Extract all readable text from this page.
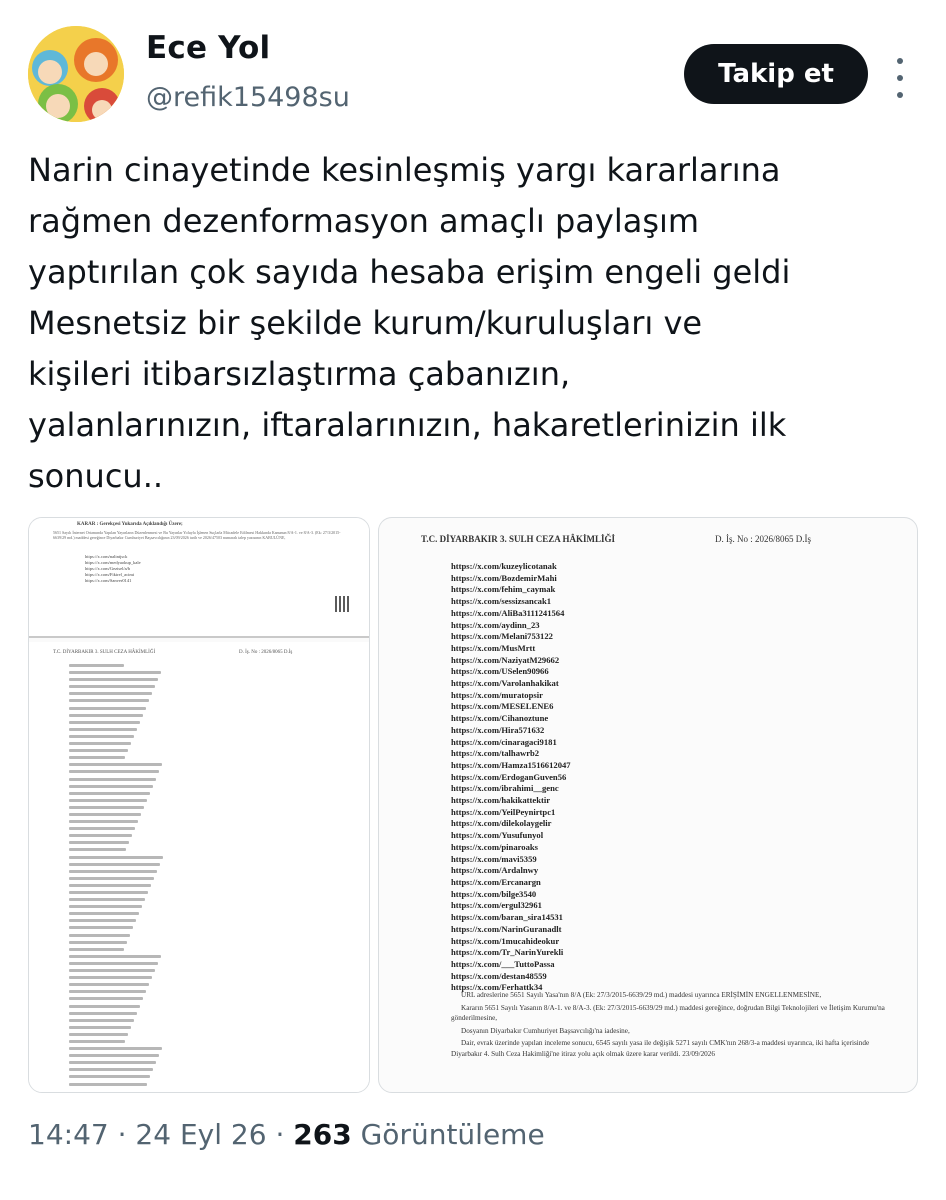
Ece Yol
@refik15498su
Takip et
Narin cinayetinde kesinleşmiş yargı kararlarına
rağmen dezenformasyon amaçlı paylaşım
yaptırılan çok sayıda hesaba erişim engeli geldi
Mesnetsiz bir şekilde kurum/kuruluşları ve
kişileri itibarsızlaştırma çabanızın,
yalanlarınızın, iftaralarınızın, hakaretlerinizin ilk
sonucu..
KARAR : Gerekçesi Yukarıda Açıklandığı Üzere;
5651 Sayılı İnternet Ortamında Yapılan Yayınların Düzenlenmesi ve Bu Yayınlar Yoluyla İşlenen Suçlarla Mücadele Edilmesi Hakkında Kanunun 8/A-1. ve 8/A-3. (Ek: 27/3/2015-6639/29 md.) maddesi gereğince Diyarbakır Cumhuriyet Başsavcılığının 23/09/2026 tarih ve 2026/47503 numaralı talep yazısının KABULÜNE,
https://x.com/nalintjsck
https://x.com/medyaokup_kale
https://x.com/Gezisel/a/b
https://x.com/Fikirel_acimi
https://x.com/Sanver0141
T.C. DİYARBAKIR 3. SULH CEZA HÂKİMLİĞİ	D. İş. No : 2026/8065 D.İş
T.C. DİYARBAKIR 3. SULH CEZA HÂKİMLİĞİ	D. İş. No : 2026/8065 D.İş
https://x.com/kuzeylicotanak
https://x.com/BozdemirMahi
https://x.com/fehim_caymak
https://x.com/sessizsancak1
https://x.com/AliBa3111241564
https://x.com/aydinn_23
https://x.com/Melani753122
https://x.com/MusMrtt
https://x.com/NaziyatM29662
https://x.com/USelen90966
https://x.com/Varolanhakikat
https://x.com/muratopsir
https://x.com/MESELENE6
https://x.com/Cihanoztune
https://x.com/Hira571632
https://x.com/cinaragaci9181
https://x.com/talhawrb2
https://x.com/Hamza1516612047
https://x.com/ErdoganGuven56
https://x.com/ibrahimi__genc
https://x.com/hakikattektir
https://x.com/YeilPeynirtpc1
https://x.com/dilekolaygelir
https://x.com/Yusufunyol
https://x.com/pinaroaks
https://x.com/mavi5359
https://x.com/Ardalnwy
https://x.com/Ercanargn
https://x.com/bilge3540
https://x.com/ergul32961
https://x.com/baran_sira14531
https://x.com/NarinGuranadlt
https://x.com/1mucahideokur
https://x.com/Tr_NarinYurekli
https://x.com/___TuttoPassa
https://x.com/destan48559
https://x.com/Ferhattk34

URL adreslerine 5651 Sayılı Yasa'nın 8/A (Ek: 27/3/2015-6639/29 md.) maddesi uyarınca ERİŞİMİN ENGELLENMESİNE,

Kararın 5651 Sayılı Yasanın 8/A-1. ve 8/A-3. (Ek: 27/3/2015-6639/29 md.) maddesi gereğince, doğrudan Bilgi Teknolojileri ve İletişim Kurumu'na gönderilmesine,

Dosyanın Diyarbakır Cumhuriyet Başsavcılığı'na iadesine,

Dair, evrak üzerinde yapılan inceleme sonucu, 6545 sayılı yasa ile değişik 5271 sayılı CMK'nın 268/3-a maddesi uyarınca, iki hafta içerisinde Diyarbakır 4. Sulh Ceza Hakimliği'ne itiraz yolu açık olmak üzere karar verildi. 23/09/2026

14:47 · 24 Eyl 26 · 263 Görüntüleme
